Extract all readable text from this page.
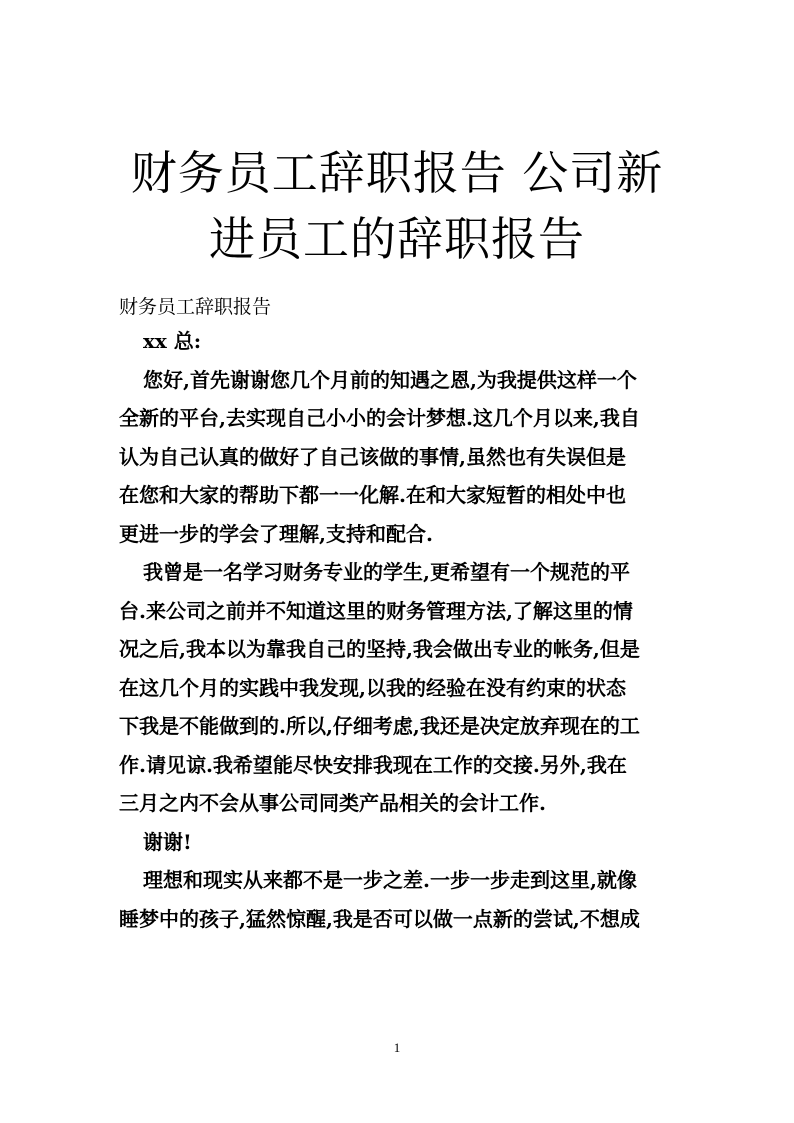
财务员工辞职报告 公司新
进员工的辞职报告
财务员工辞职报告
xx 总:
您好,首先谢谢您几个月前的知遇之恩,为我提供这样一个
全新的平台,去实现自己小小的会计梦想.这几个月以来,我自
认为自己认真的做好了自己该做的事情,虽然也有失误但是
在您和大家的帮助下都一一化解.在和大家短暂的相处中也
更进一步的学会了理解,支持和配合.
我曾是一名学习财务专业的学生,更希望有一个规范的平
台.来公司之前并不知道这里的财务管理方法,了解这里的情
况之后,我本以为靠我自己的坚持,我会做出专业的帐务,但是
在这几个月的实践中我发现,以我的经验在没有约束的状态
下我是不能做到的.所以,仔细考虑,我还是决定放弃现在的工
作.请见谅.我希望能尽快安排我现在工作的交接.另外,我在
三月之内不会从事公司同类产品相关的会计工作.
谢谢!
理想和现实从来都不是一步之差.一步一步走到这里,就像
睡梦中的孩子,猛然惊醒,我是否可以做一点新的尝试,不想成
1
